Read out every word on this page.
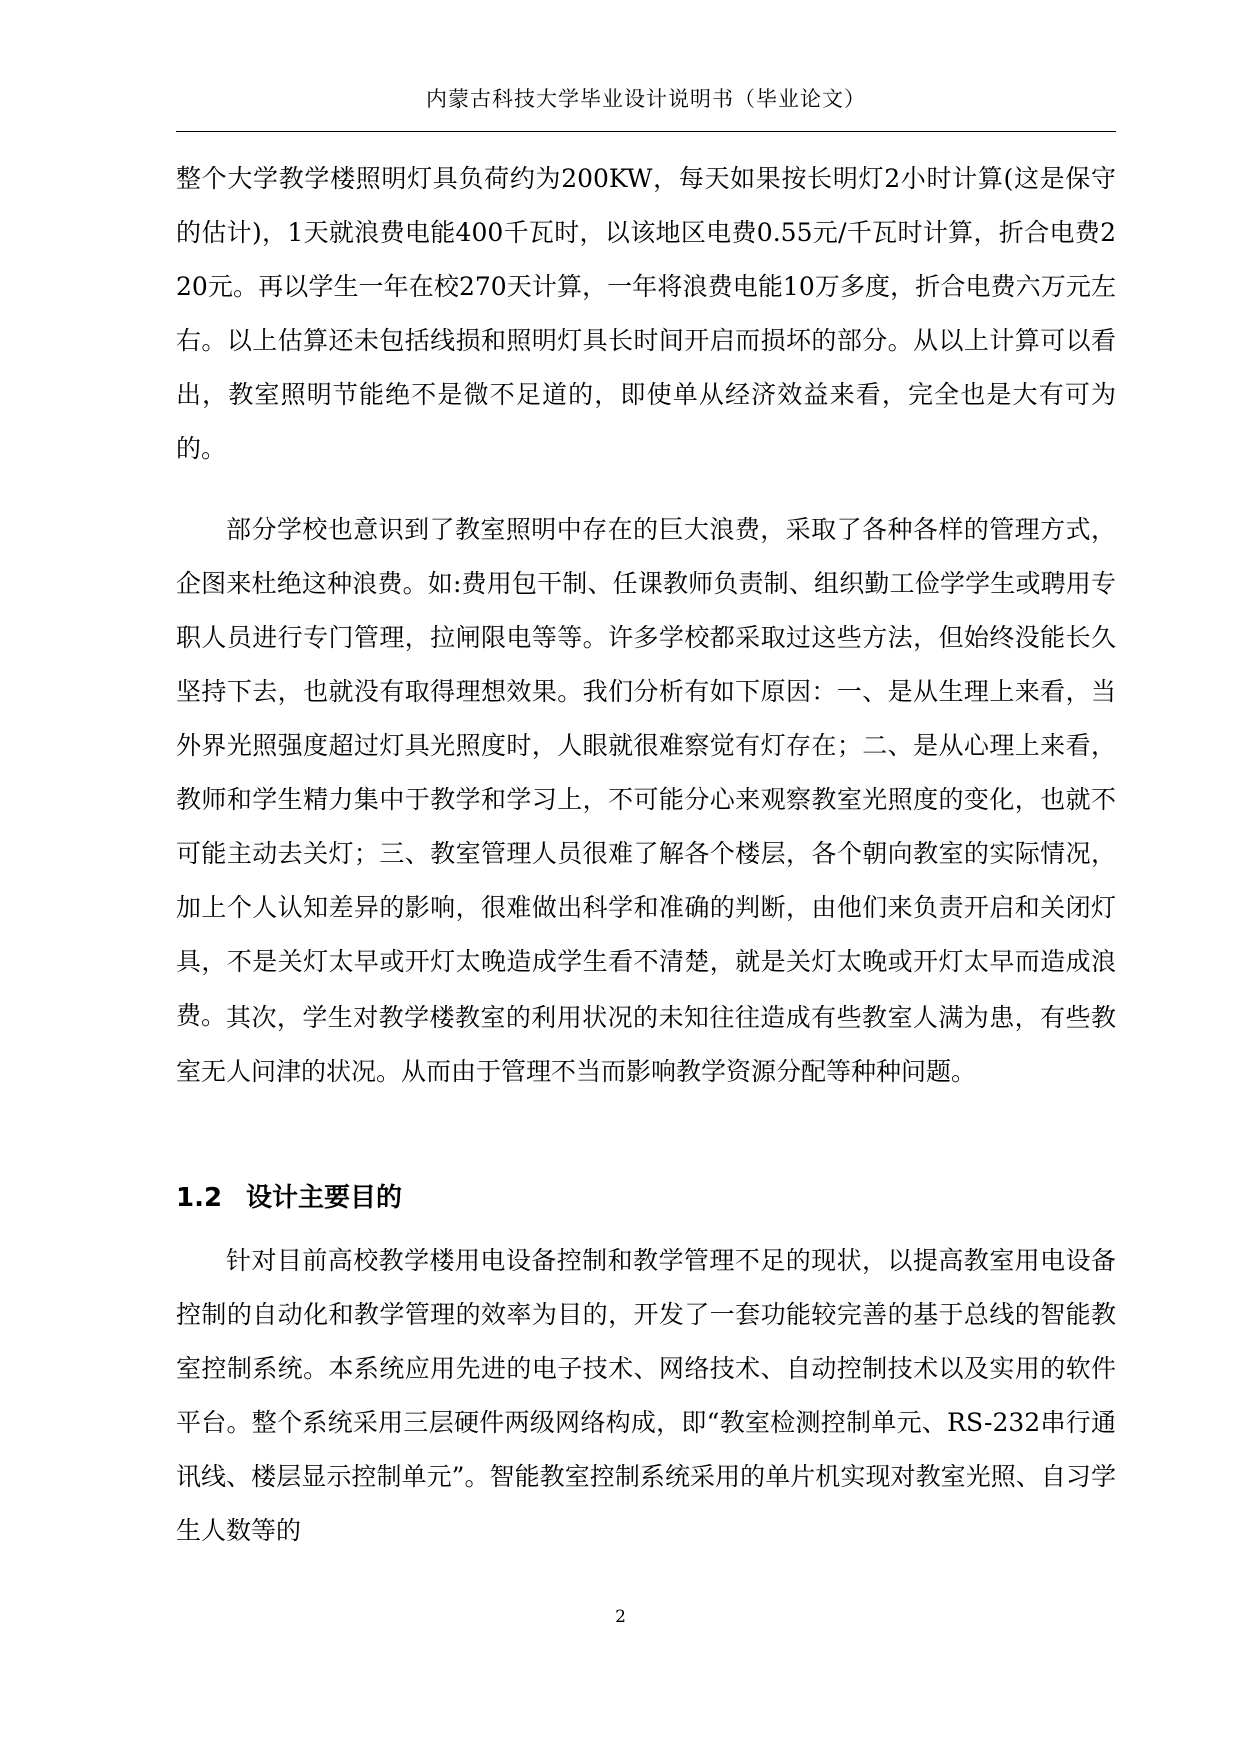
内蒙古科技大学毕业设计说明书（毕业论文）

整个大学教学楼照明灯具负荷约为200KW，每天如果按长明灯2小时计算(这是保守的估计)，1天就浪费电能400千瓦时，以该地区电费0.55元/千瓦时计算，折合电费220元。再以学生一年在校270天计算，一年将浪费电能10万多度，折合电费六万元左右。以上估算还未包括线损和照明灯具长时间开启而损坏的部分。从以上计算可以看出，教室照明节能绝不是微不足道的，即使单从经济效益来看，完全也是大有可为的。

部分学校也意识到了教室照明中存在的巨大浪费，采取了各种各样的管理方式，企图来杜绝这种浪费。如:费用包干制、任课教师负责制、组织勤工俭学学生或聘用专职人员进行专门管理，拉闸限电等等。许多学校都采取过这些方法，但始终没能长久坚持下去，也就没有取得理想效果。我们分析有如下原因：一、是从生理上来看，当外界光照强度超过灯具光照度时，人眼就很难察觉有灯存在；二、是从心理上来看，教师和学生精力集中于教学和学习上，不可能分心来观察教室光照度的变化，也就不可能主动去关灯；三、教室管理人员很难了解各个楼层，各个朝向教室的实际情况，加上个人认知差异的影响，很难做出科学和准确的判断，由他们来负责开启和关闭灯具，不是关灯太早或开灯太晚造成学生看不清楚，就是关灯太晚或开灯太早而造成浪费。 其次，学生对教学楼教室的利用状况的未知往往造成有些教室人满为患，有些教室无人问津的状况。从而由于管理不当而影响教学资源分配等种种问题。

1.2 设计主要目的

针对目前高校教学楼用电设备控制和教学管理不足的现状，以提高教室用电设备控制的自动化和教学管理的效率为目的，开发了一套功能较完善的基于总线的智能教室控制系统。本系统应用先进的电子技术、网络技术、自动控制技术以及实用的软件平台。整个系统采用三层硬件两级网络构成，即“教室检测控制单元、RS-232串行通讯线、楼层显示控制单元”。智能教室控制系统采用的单片机实现对教室光照、自习学生人数等的

2
